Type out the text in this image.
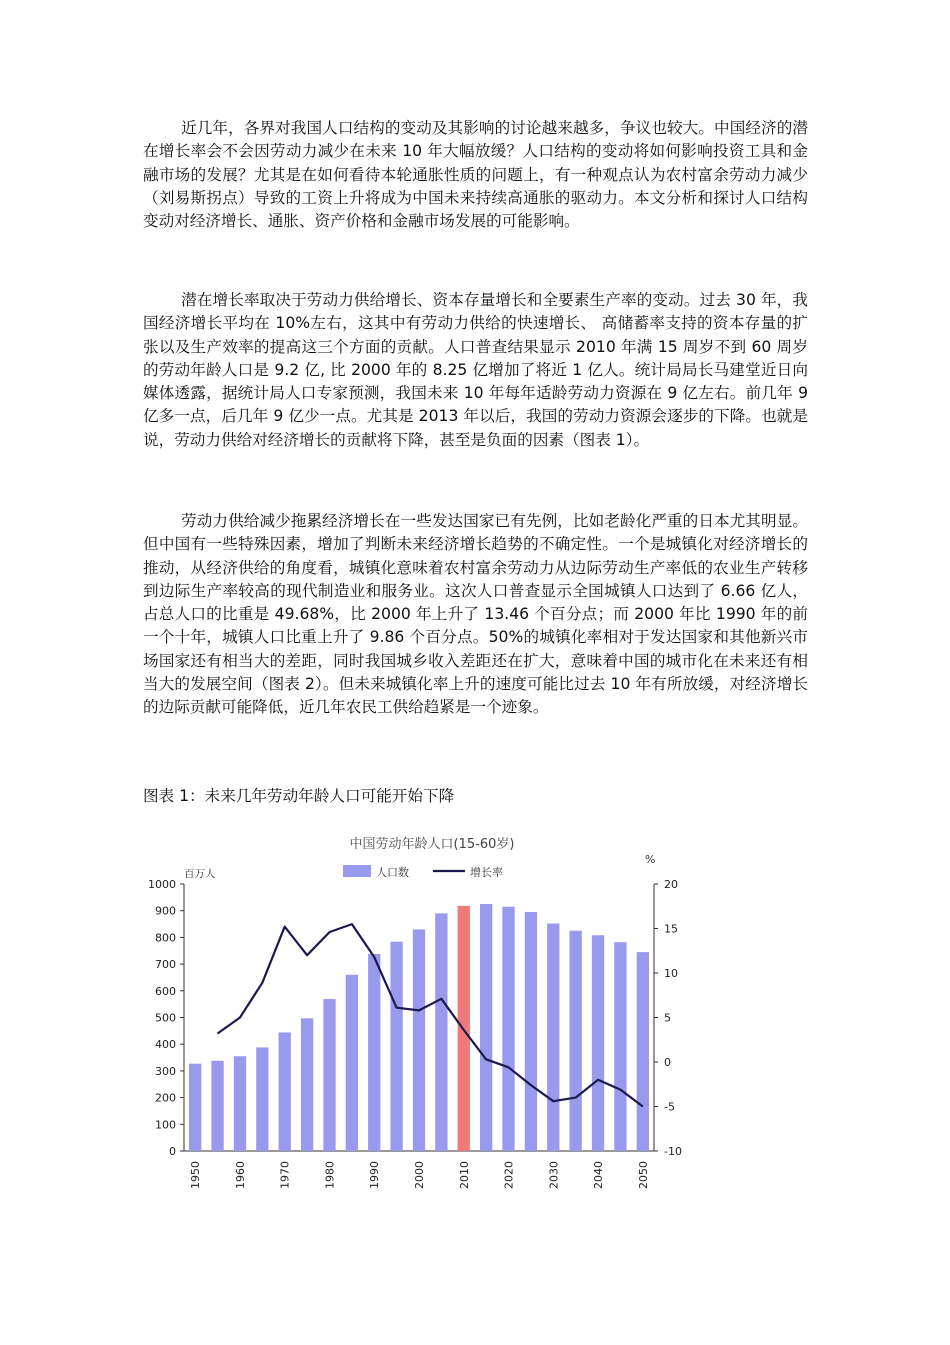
近几年，各界对我国人口结构的变动及其影响的讨论越来越多，争议也较大。中国经济的潜在增长率会不会因劳动力减少在未来 10 年大幅放缓？人口结构的变动将如何影响投资工具和金融市场的发展？尤其是在如何看待本轮通胀性质的问题上，有一种观点认为农村富余劳动力减少（刘易斯拐点）导致的工资上升将成为中国未来持续高通胀的驱动力。本文分析和探讨人口结构变动对经济增长、通胀、资产价格和金融市场发展的可能影响。

潜在增长率取决于劳动力供给增长、资本存量增长和全要素生产率的变动。过去 30 年，我国经济增长平均在 10%左右，这其中有劳动力供给的快速增长、 高储蓄率支持的资本存量的扩张以及生产效率的提高这三个方面的贡献。人口普查结果显示 2010 年满 15 周岁不到 60 周岁的劳动年龄人口是 9.2 亿, 比 2000 年的 8.25 亿增加了将近 1 亿人。统计局局长马建堂近日向媒体透露，据统计局人口专家预测，我国未来 10 年每年适龄劳动力资源在 9 亿左右。前几年 9 亿多一点，后几年 9 亿少一点。尤其是 2013 年以后，我国的劳动力资源会逐步的下降。也就是说，劳动力供给对经济增长的贡献将下降，甚至是负面的因素（图表 1）。

劳动力供给减少拖累经济增长在一些发达国家已有先例，比如老龄化严重的日本尤其明显。但中国有一些特殊因素，增加了判断未来经济增长趋势的不确定性。一个是城镇化对经济增长的推动，从经济供给的角度看，城镇化意味着农村富余劳动力从边际劳动生产率低的农业生产转移到边际生产率较高的现代制造业和服务业。这次人口普查显示全国城镇人口达到了 6.66 亿人，占总人口的比重是 49.68%，比 2000 年上升了 13.46 个百分点；而 2000 年比 1990 年的前一个十年，城镇人口比重上升了 9.86 个百分点。50%的城镇化率相对于发达国家和其他新兴市场国家还有相当大的差距，同时我国城乡收入差距还在扩大，意味着中国的城市化在未来还有相当大的发展空间（图表 2）。但未来城镇化率上升的速度可能比过去 10 年有所放缓，对经济增长的边际贡献可能降低，近几年农民工供给趋紧是一个迹象。

图表 1：未来几年劳动年龄人口可能开始下降

中国劳动年龄人口(15-60岁)
百万人
%
人口数	增长率
0
100
200
300
400
500
600
700
800
900
1000
-10
-5
0
5
10
15
20
1950	1960	1970	1980	1990	2000	2010	2020	2030	2040	2050
